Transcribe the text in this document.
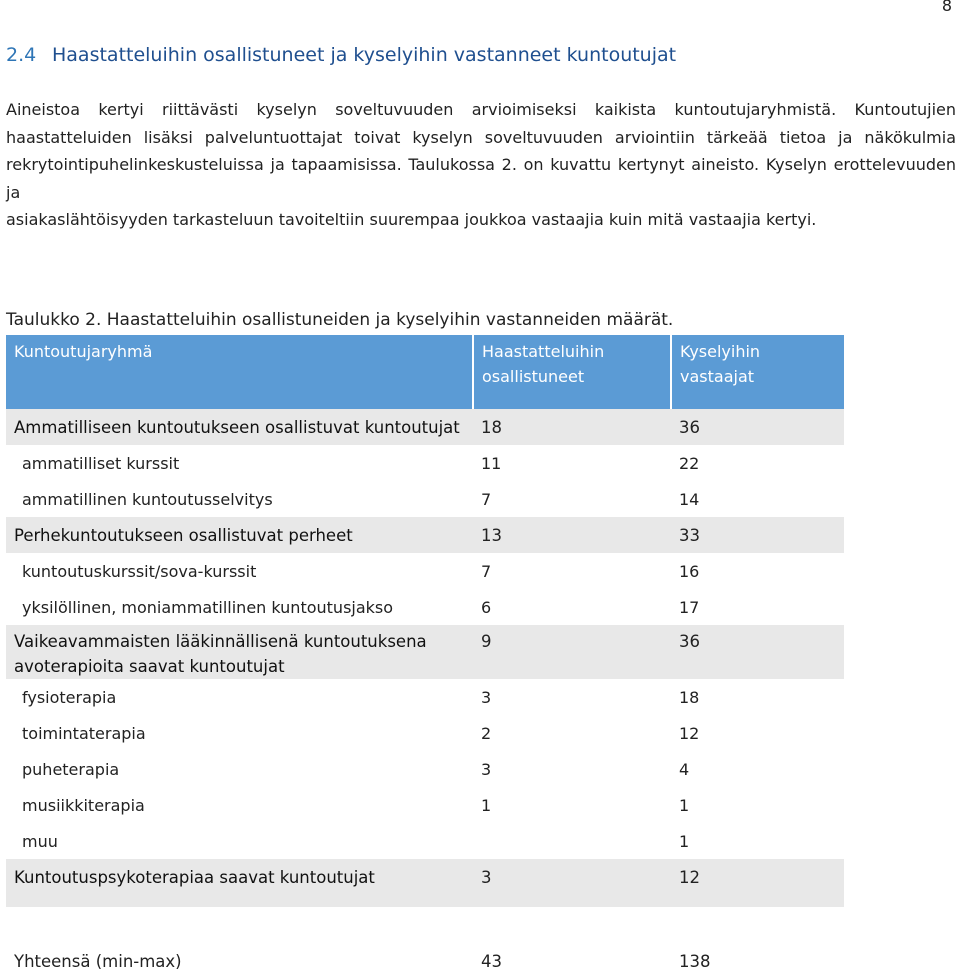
8
2.4 Haastatteluihin osallistuneet ja kyselyihin vastanneet kuntoutujat
Aineistoa kertyi riittävästi kyselyn soveltuvuuden arvioimiseksi kaikista kuntoutujaryhmistä. Kuntoutujien haastatteluiden lisäksi palveluntuottajat toivat kyselyn soveltuvuuden arviointiin tärkeää tietoa ja näkökulmia rekrytointipuhelinkeskusteluissa ja tapaamisissa. Taulukossa 2. on kuvattu kertynyt aineisto. Kyselyn erottelevuuden ja
asiakaslähtöisyyden tarkasteluun tavoiteltiin suurempaa joukkoa vastaajia kuin mitä vastaajia kertyi.
Taulukko 2. Haastatteluihin osallistuneiden ja kyselyihin vastanneiden määrät.
Kuntoutujaryhmä	Haastatteluihin osallistuneet	Kyselyihin vastaajat
Ammatilliseen kuntoutukseen osallistuvat kuntoutujat	18	36
ammatilliset kurssit	11	22
ammatillinen kuntoutusselvitys	7	14
Perhekuntoutukseen osallistuvat perheet	13	33
kuntoutuskurssit/sova-kurssit	7	16
yksilöllinen, moniammatillinen kuntoutusjakso	6	17
Vaikeavammaisten lääkinnällisenä kuntoutuksena avoterapioita saavat kuntoutujat	9	36
fysioterapia	3	18
toimintaterapia	2	12
puheterapia	3	4
musiikkiterapia	1	1
muu		1
Kuntoutuspsykoterapiaa saavat kuntoutujat	3	12

Yhteensä (min-max)	43	138
